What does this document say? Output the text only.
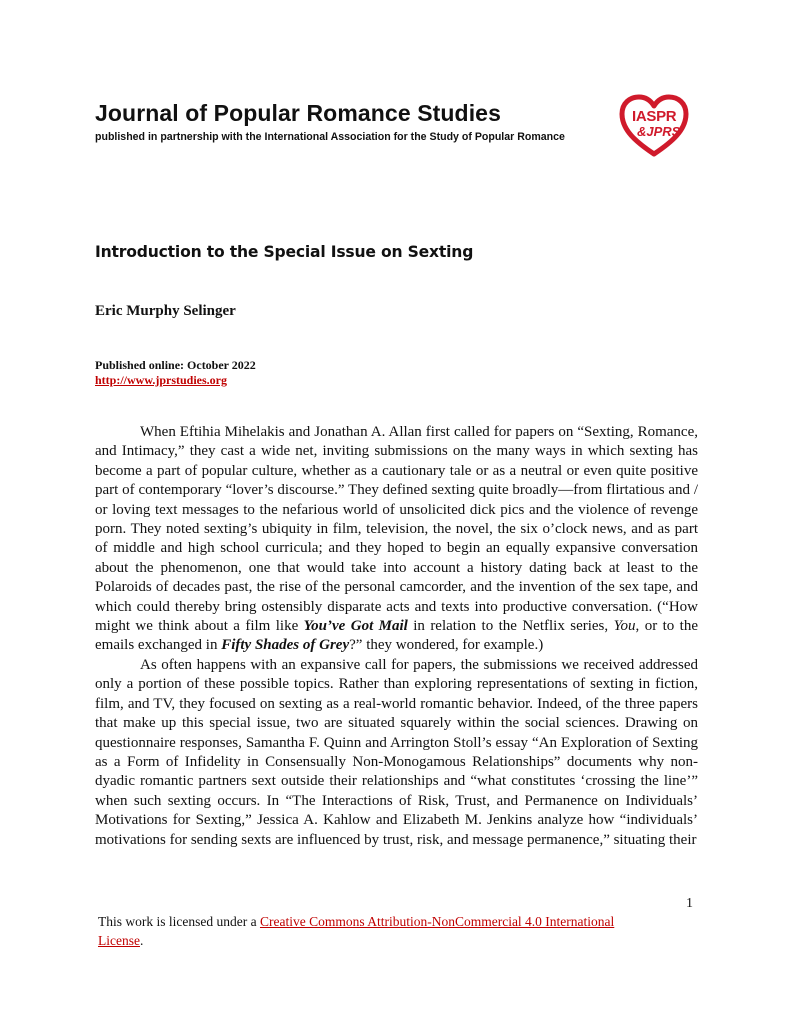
Journal of Popular Romance Studies
published in partnership with the International Association for the Study of Popular Romance
IASPR
&JPRS
Introduction to the Special Issue on Sexting
Eric Murphy Selinger
Published online: October 2022
http://www.jprstudies.org

When Eftihia Mihelakis and Jonathan A. Allan first called for papers on “Sexting, Romance, and Intimacy,” they cast a wide net, inviting submissions on the many ways in which sexting has become a part of popular culture, whether as a cautionary tale or as a neutral or even quite positive part of contemporary “lover’s discourse.” They defined sexting quite broadly—from flirtatious and / or loving text messages to the nefarious world of unsolicited dick pics and the violence of revenge porn. They noted sexting’s ubiquity in film, television, the novel, the six o’clock news, and as part of middle and high school curricula; and they hoped to begin an equally expansive conversation about the phenomenon, one that would take into account a history dating back at least to the Polaroids of decades past, the rise of the personal camcorder, and the invention of the sex tape, and which could thereby bring ostensibly disparate acts and texts into productive conversation. (“How might we think about a film like You’ve Got Mail in relation to the Netflix series, You, or to the emails exchanged in Fifty Shades of Grey?” they wondered, for example.)

As often happens with an expansive call for papers, the submissions we received addressed only a portion of these possible topics. Rather than exploring representations of sexting in fiction, film, and TV, they focused on sexting as a real-world romantic behavior. Indeed, of the three papers that make up this special issue, two are situated squarely within the social sciences. Drawing on questionnaire responses, Samantha F. Quinn and Arrington Stoll’s essay “An Exploration of Sexting as a Form of Infidelity in Consensually Non-Monogamous Relationships” documents why non-dyadic romantic partners sext outside their relationships and “what constitutes ‘crossing the line’” when such sexting occurs. In “The Interactions of Risk, Trust, and Permanence on Individuals’ Motivations for Sexting,” Jessica A. Kahlow and Elizabeth M. Jenkins analyze how “individuals’ motivations for sending sexts are influenced by trust, risk, and message permanence,” situating their

1
This work is licensed under a Creative Commons Attribution-NonCommercial 4.0 International License.
